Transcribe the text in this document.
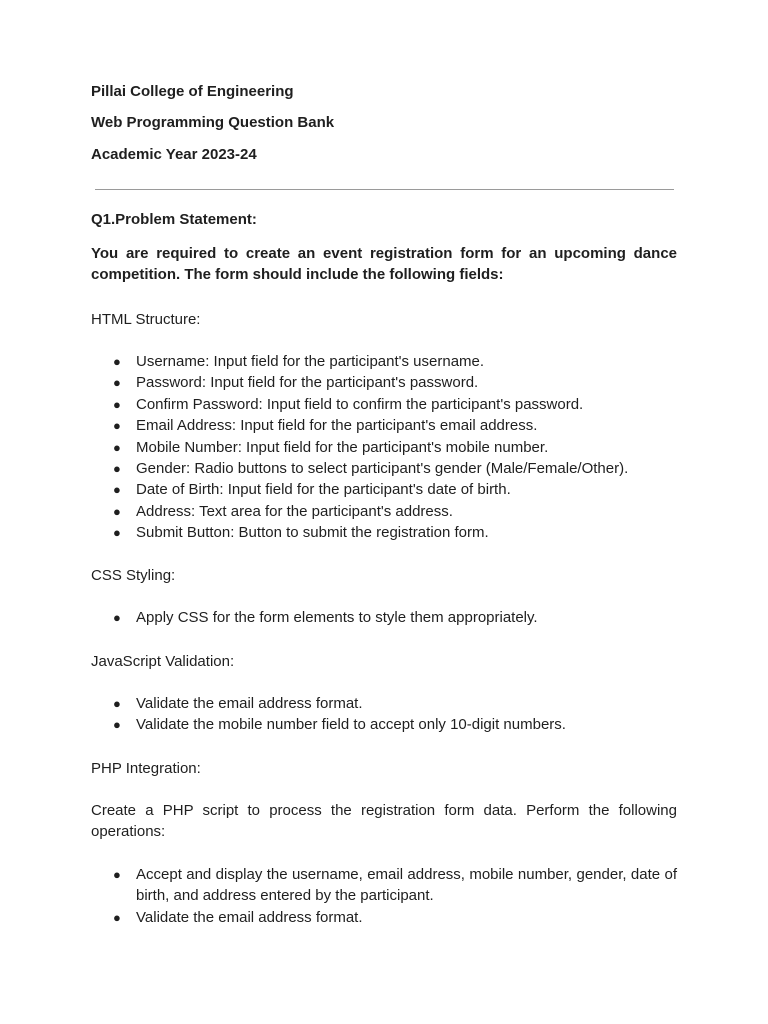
Pillai College of Engineering

Web Programming Question Bank

Academic Year 2023-24

Q1.Problem Statement:

You are required to create an event registration form for an upcoming dance competition. The form should include the following fields:

HTML Structure:

● Username: Input field for the participant's username.
● Password: Input field for the participant's password.
● Confirm Password: Input field to confirm the participant's password.
● Email Address: Input field for the participant's email address.
● Mobile Number: Input field for the participant's mobile number.
● Gender: Radio buttons to select participant's gender (Male/Female/Other).
● Date of Birth: Input field for the participant's date of birth.
● Address: Text area for the participant's address.
● Submit Button: Button to submit the registration form.

CSS Styling:

● Apply CSS for the form elements to style them appropriately.

JavaScript Validation:

● Validate the email address format.
● Validate the mobile number field to accept only 10-digit numbers.

PHP Integration:

Create a PHP script to process the registration form data. Perform the following operations:

● Accept and display the username, email address, mobile number, gender, date of birth, and address entered by the participant.
● Validate the email address format.
